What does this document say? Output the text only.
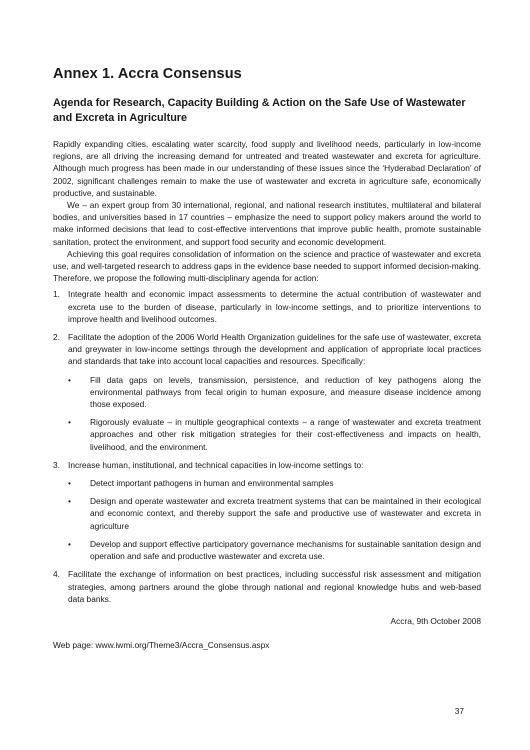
Annex 1. Accra Consensus
Agenda for Research, Capacity Building & Action on the Safe Use of Wastewater and Excreta in Agriculture

Rapidly expanding cities, escalating water scarcity, food supply and livelihood needs, particularly in low-income regions, are all driving the increasing demand for untreated and treated wastewater and excreta for agriculture. Although much progress has been made in our understanding of these issues since the ‘Hyderabad Declaration’ of 2002, significant challenges remain to make the use of wastewater and excreta in agriculture safe, economically productive, and sustainable.

We – an expert group from 30 international, regional, and national research institutes, multilateral and bilateral bodies, and universities based in 17 countries – emphasize the need to support policy makers around the world to make informed decisions that lead to cost-effective interventions that improve public health, promote sustainable sanitation, protect the environment, and support food security and economic development.

Achieving this goal requires consolidation of information on the science and practice of wastewater and excreta use, and well-targeted research to address gaps in the evidence base needed to support informed decision-making. Therefore, we propose the following multi-disciplinary agenda for action:

1. Integrate health and economic impact assessments to determine the actual contribution of wastewater and excreta use to the burden of disease, particularly in low-income settings, and to prioritize interventions to improve health and livelihood outcomes.
2. Facilitate the adoption of the 2006 World Health Organization guidelines for the safe use of wastewater, excreta and greywater in low-income settings through the development and application of appropriate local practices and standards that take into account local capacities and resources. Specifically:
• Fill data gaps on levels, transmission, persistence, and reduction of key pathogens along the environmental pathways from fecal origin to human exposure, and measure disease incidence among those exposed.
• Rigorously evaluate – in multiple geographical contexts – a range of wastewater and excreta treatment approaches and other risk mitigation strategies for their cost-effectiveness and impacts on health, livelihood, and the environment.
3. Increase human, institutional, and technical capacities in low-income settings to:
• Detect important pathogens in human and environmental samples
• Design and operate wastewater and excreta treatment systems that can be maintained in their ecological and economic context, and thereby support the safe and productive use of wastewater and excreta in agriculture
• Develop and support effective participatory governance mechanisms for sustainable sanitation design and operation and safe and productive wastewater and excreta use.
4. Facilitate the exchange of information on best practices, including successful risk assessment and mitigation strategies, among partners around the globe through national and regional knowledge hubs and web-based data banks.

Accra, 9th October 2008

Web page: www.iwmi.org/Theme3/Accra_Consensus.aspx

37
